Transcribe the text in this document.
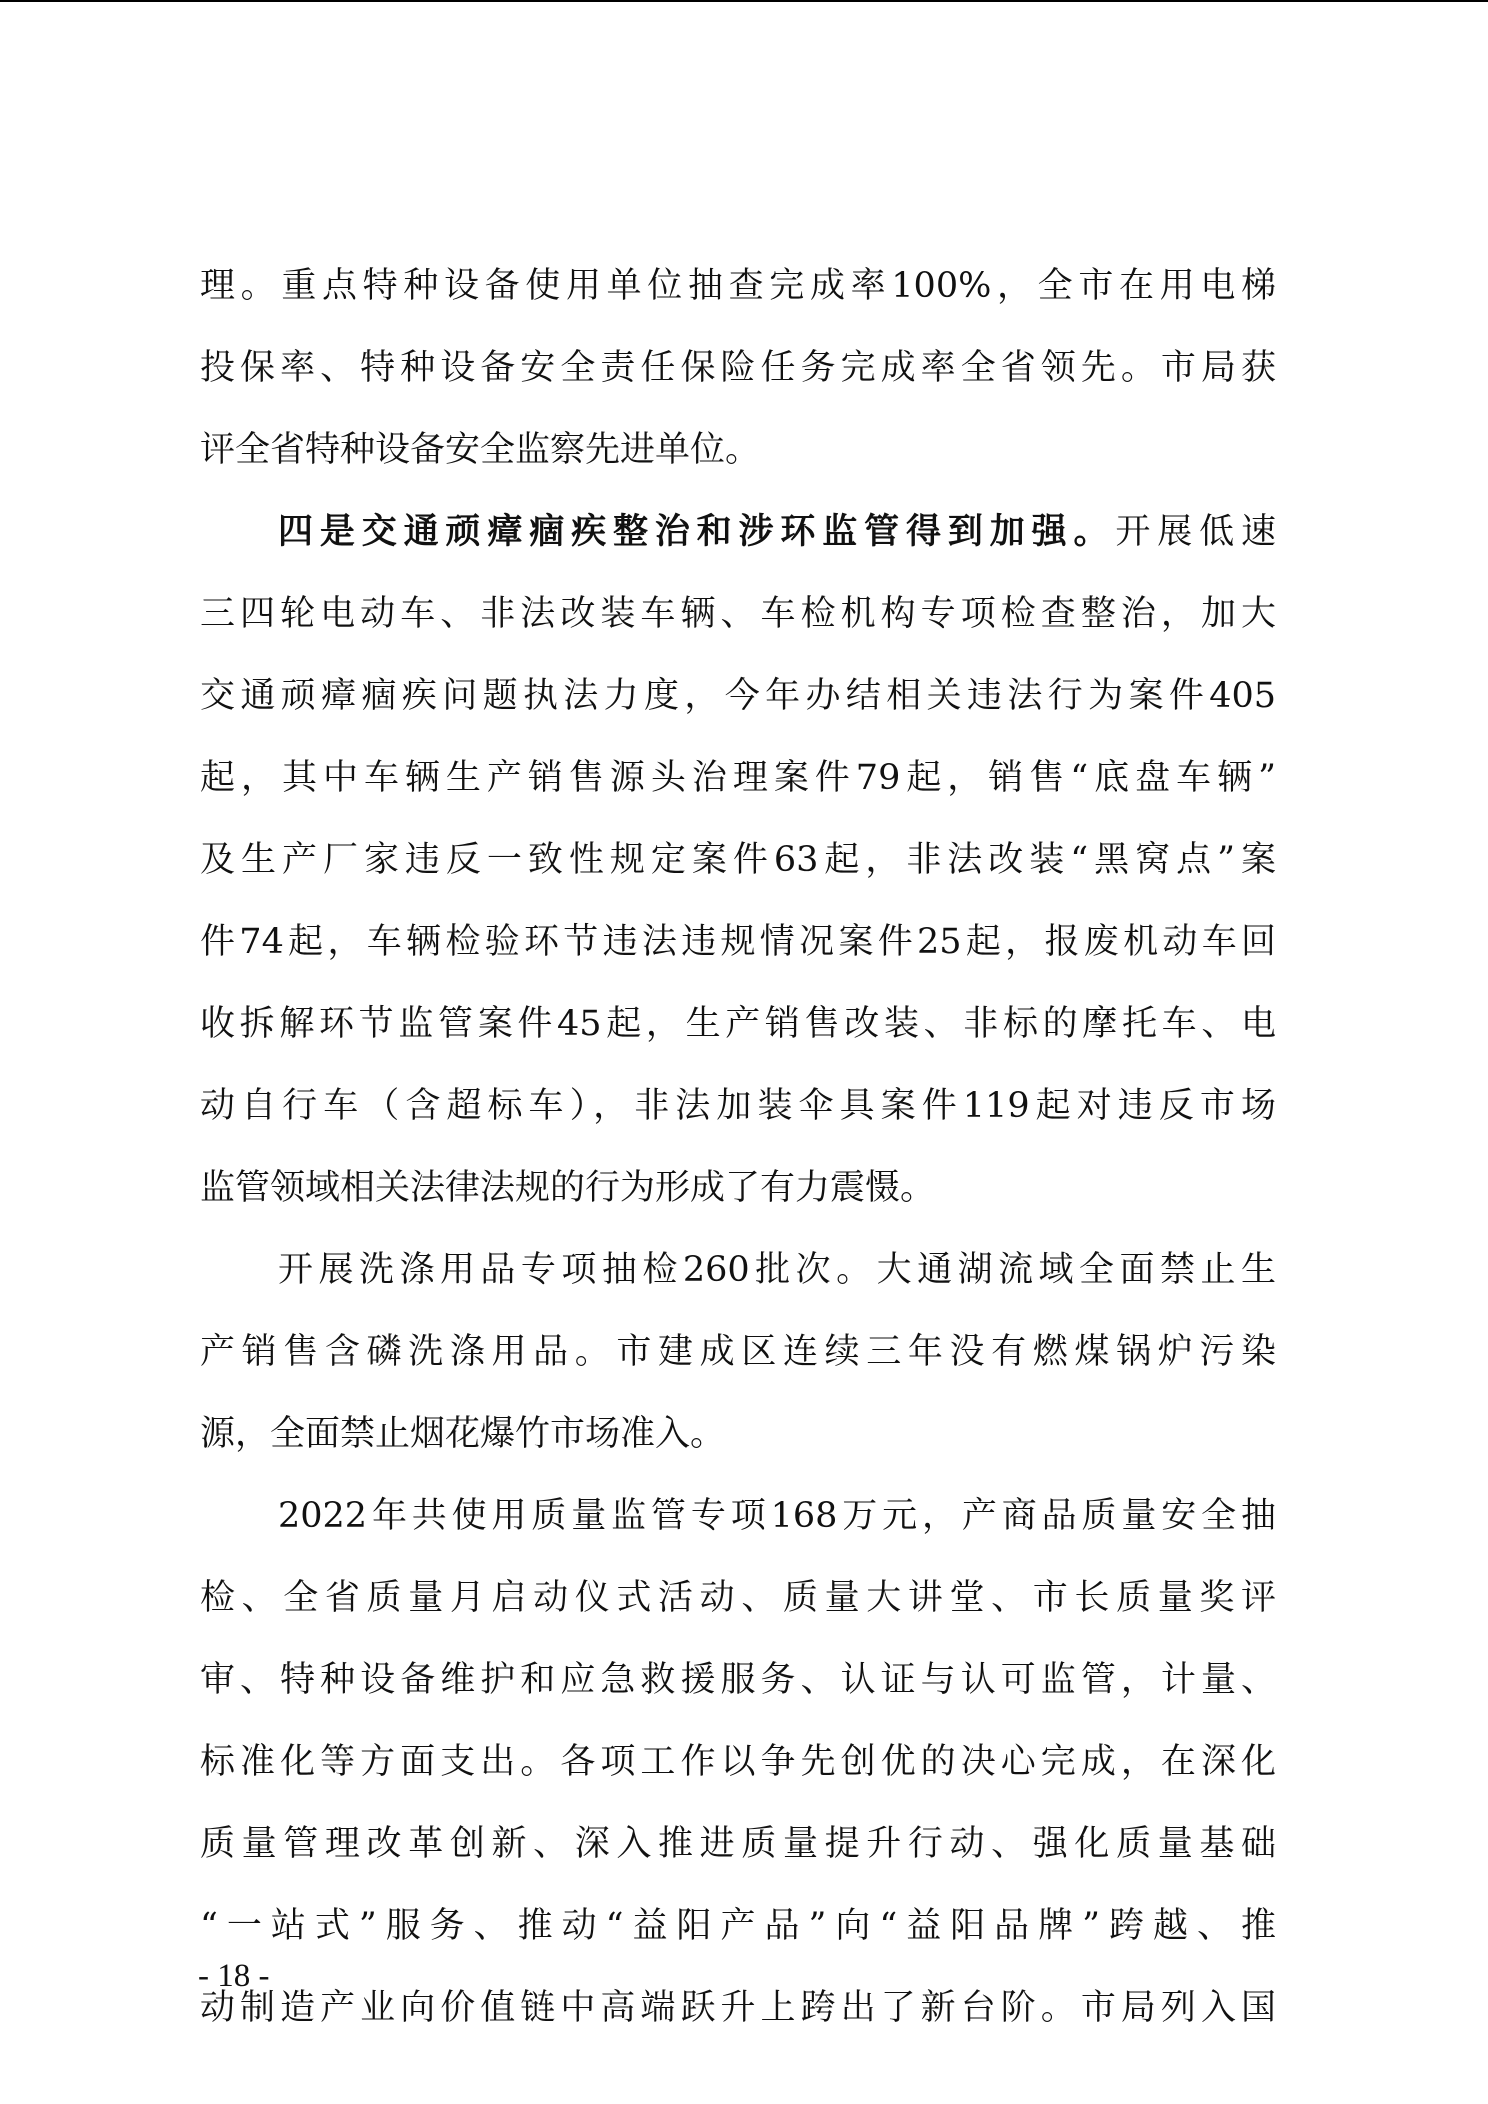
理。重点特种设备使用单位抽查完成率100%，全市在用电梯
投保率、特种设备安全责任保险任务完成率全省领先。市局获
评全省特种设备安全监察先进单位。
四是交通顽瘴痼疾整治和涉环监管得到加强。开展低速
三四轮电动车、非法改装车辆、车检机构专项检查整治，加大
交通顽瘴痼疾问题执法力度，今年办结相关违法行为案件405
起，其中车辆生产销售源头治理案件79起，销售“底盘车辆”
及生产厂家违反一致性规定案件63起，非法改装“黑窝点”案
件74起，车辆检验环节违法违规情况案件25起，报废机动车回
收拆解环节监管案件45起，生产销售改装、非标的摩托车、电
动自行车（含超标车），非法加装伞具案件119起对违反市场
监管领域相关法律法规的行为形成了有力震慑。
开展洗涤用品专项抽检260批次。大通湖流域全面禁止生
产销售含磷洗涤用品。市建成区连续三年没有燃煤锅炉污染
源，全面禁止烟花爆竹市场准入。
2022年共使用质量监管专项168万元，产商品质量安全抽
检、全省质量月启动仪式活动、质量大讲堂、市长质量奖评
审、特种设备维护和应急救援服务、认证与认可监管，计量、
标准化等方面支出。各项工作以争先创优的决心完成，在深化
质量管理改革创新、深入推进质量提升行动、强化质量基础
“一站式”服务、推动“益阳产品”向“益阳品牌”跨越、推
动制造产业向价值链中高端跃升上跨出了新台阶。市局列入国
- 18 -
